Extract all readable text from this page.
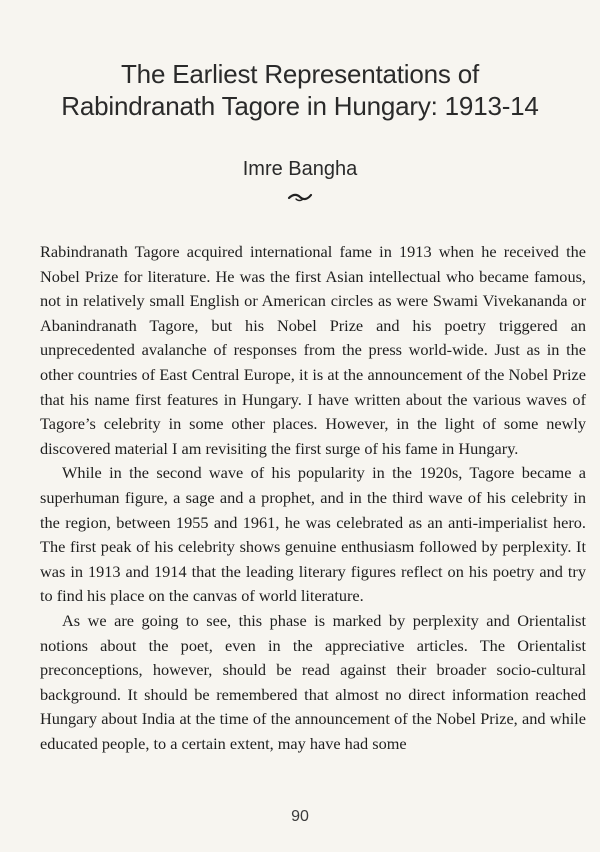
The Earliest Representations of
Rabindranath Tagore in Hungary: 1913-14
Imre Bangha

Rabindranath Tagore acquired international fame in 1913 when he received the Nobel Prize for literature. He was the first Asian intellectual who became famous, not in relatively small English or American circles as were Swami Vivekananda or Abanindranath Tagore, but his Nobel Prize and his poetry triggered an unprecedented avalanche of responses from the press world-wide. Just as in the other countries of East Central Europe, it is at the announcement of the Nobel Prize that his name first features in Hungary. I have written about the various waves of Tagore’s celebrity in some other places. However, in the light of some newly discovered material I am revisiting the first surge of his fame in Hungary.

While in the second wave of his popularity in the 1920s, Tagore became a superhuman figure, a sage and a prophet, and in the third wave of his celebrity in the region, between 1955 and 1961, he was celebrated as an anti-imperialist hero. The first peak of his celebrity shows genuine enthusiasm followed by perplexity. It was in 1913 and 1914 that the leading literary figures reflect on his poetry and try to find his place on the canvas of world literature.

As we are going to see, this phase is marked by perplexity and Orientalist notions about the poet, even in the appreciative articles. The Orientalist preconceptions, however, should be read against their broader socio-cultural background. It should be remembered that almost no direct information reached Hungary about India at the time of the announcement of the Nobel Prize, and while educated people, to a certain extent, may have had some

90
